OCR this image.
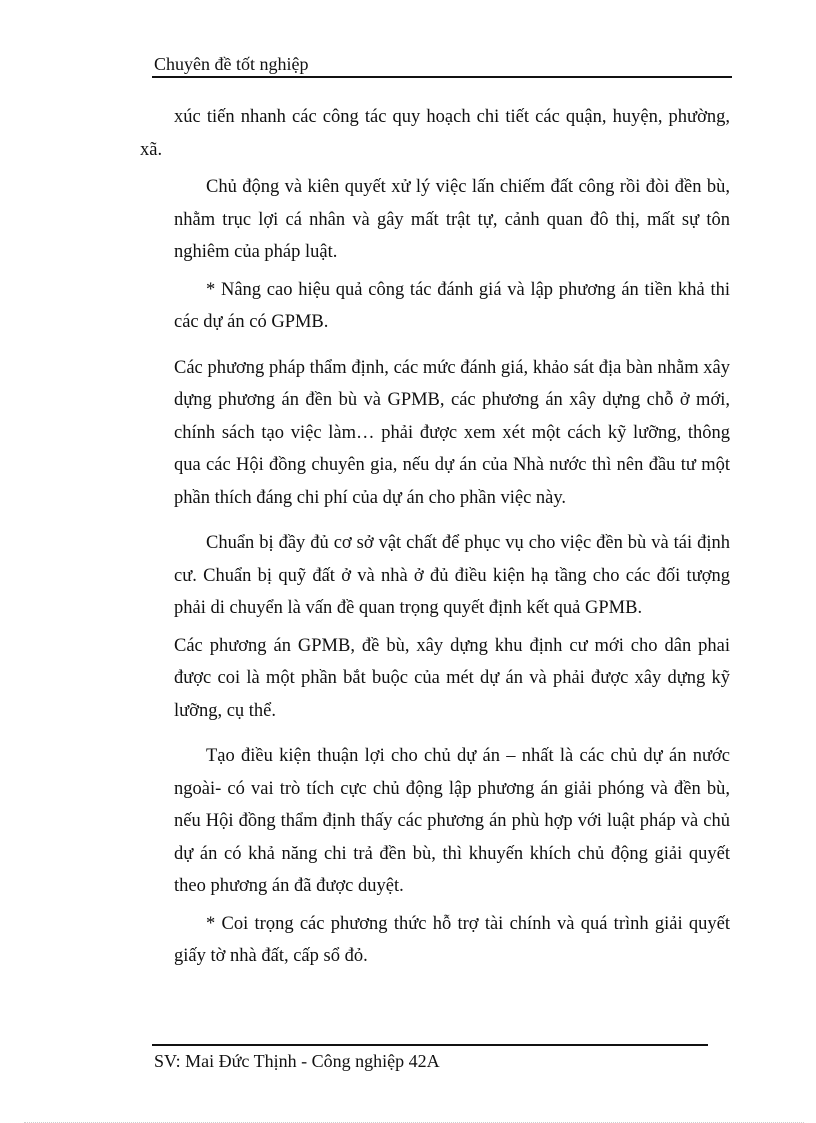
Chuyên đề tốt nghiệp

xúc tiến nhanh các công tác quy hoạch chi tiết các quận, huyện, phường,
xã.

Chủ động và kiên quyết xử lý việc lấn chiếm đất công rồi đòi đền bù, nhằm trục lợi cá nhân và gây mất trật tự, cảnh quan đô thị, mất sự tôn nghiêm của pháp luật.

* Nâng cao hiệu quả công tác đánh giá và lập phương án tiền khả thi các dự án có GPMB.

Các phương pháp thẩm định, các mức đánh giá, khảo sát địa bàn nhằm xây dựng phương án đền bù và GPMB, các phương án xây dựng chỗ ở mới, chính sách tạo việc làm… phải được xem xét một cách kỹ lưỡng, thông qua các Hội đồng chuyên gia, nếu dự án của Nhà nước thì nên đầu tư một phần thích đáng chi phí của dự án cho phần việc này.

Chuẩn bị đầy đủ cơ sở vật chất để phục vụ cho việc đền bù và tái định cư. Chuẩn bị quỹ đất ở và nhà ở đủ điều kiện hạ tầng cho các đối tượng phải di chuyển là vấn đề quan trọng quyết định kết quả GPMB.

Các phương án GPMB, đề bù, xây dựng khu định cư mới cho dân phai được coi là một phần bắt buộc của mét dự án và phải được xây dựng kỹ lưỡng, cụ thể.

Tạo điều kiện thuận lợi cho chủ dự án – nhất là các chủ dự án nước ngoài- có vai trò tích cực chủ động lập phương án giải phóng và đền bù, nếu Hội đồng thẩm định thấy các phương án phù hợp với luật pháp và chủ dự án có khả năng chi trả đền bù, thì khuyến khích chủ động giải quyết theo phương án đã được duyệt.

* Coi trọng các phương thức hỗ trợ tài chính và quá trình giải quyết giấy tờ nhà đất, cấp sổ đỏ.

SV: Mai Đức Thịnh - Công nghiệp 42A
